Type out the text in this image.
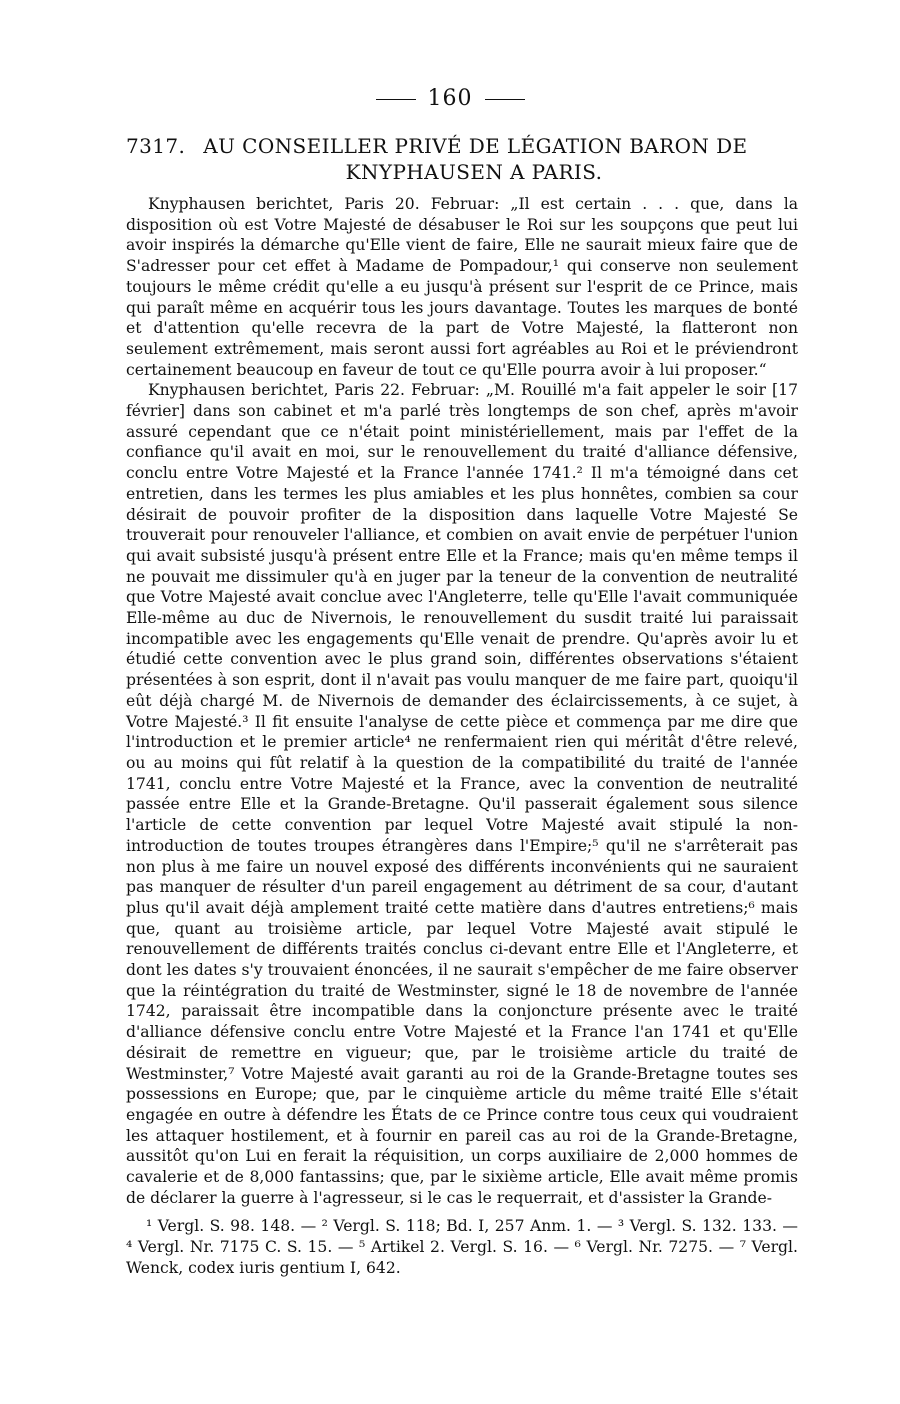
160
7317. AU CONSEILLER PRIVÉ DE LÉGATION BARON DE
KNYPHAUSEN A PARIS.

Knyphausen berichtet, Paris 20. Februar: „Il est certain . . . que, dans la disposition où est Votre Majesté de désabuser le Roi sur les soupçons que peut lui avoir inspirés la démarche qu'Elle vient de faire, Elle ne saurait mieux faire que de S'adresser pour cet effet à Madame de Pompadour,¹ qui conserve non seulement toujours le même crédit qu'elle a eu jusqu'à présent sur l'esprit de ce Prince, mais qui paraît même en acquérir tous les jours davantage. Toutes les marques de bonté et d'attention qu'elle recevra de la part de Votre Majesté, la flatteront non seulement extrêmement, mais seront aussi fort agréables au Roi et le préviendront certainement beaucoup en faveur de tout ce qu'Elle pourra avoir à lui proposer.“

Knyphausen berichtet, Paris 22. Februar: „M. Rouillé m'a fait appeler le soir [17 février] dans son cabinet et m'a parlé très longtemps de son chef, après m'avoir assuré cependant que ce n'était point ministériellement, mais par l'effet de la confiance qu'il avait en moi, sur le renouvellement du traité d'alliance défensive, conclu entre Votre Majesté et la France l'année 1741.² Il m'a témoigné dans cet entretien, dans les termes les plus amiables et les plus honnêtes, combien sa cour désirait de pouvoir profiter de la disposition dans laquelle Votre Majesté Se trouverait pour renouveler l'alliance, et combien on avait envie de perpétuer l'union qui avait subsisté jusqu'à présent entre Elle et la France; mais qu'en même temps il ne pouvait me dissimuler qu'à en juger par la teneur de la convention de neutralité que Votre Majesté avait conclue avec l'Angleterre, telle qu'Elle l'avait communiquée Elle-même au duc de Nivernois, le renouvellement du susdit traité lui paraissait incompatible avec les engagements qu'Elle venait de prendre. Qu'après avoir lu et étudié cette convention avec le plus grand soin, différentes observations s'étaient présentées à son esprit, dont il n'avait pas voulu manquer de me faire part, quoiqu'il eût déjà chargé M. de Nivernois de demander des éclaircissements, à ce sujet, à Votre Majesté.³ Il fit ensuite l'analyse de cette pièce et commença par me dire que l'introduction et le premier article⁴ ne renfermaient rien qui méritât d'être relevé, ou au moins qui fût relatif à la question de la compatibilité du traité de l'année 1741, conclu entre Votre Majesté et la France, avec la convention de neutralité passée entre Elle et la Grande-Bretagne. Qu'il passerait également sous silence l'article de cette convention par lequel Votre Majesté avait stipulé la non-introduction de toutes troupes étrangères dans l'Empire;⁵ qu'il ne s'arrêterait pas non plus à me faire un nouvel exposé des différents inconvénients qui ne sauraient pas manquer de résulter d'un pareil engagement au détriment de sa cour, d'autant plus qu'il avait déjà amplement traité cette matière dans d'autres entretiens;⁶ mais que, quant au troisième article, par lequel Votre Majesté avait stipulé le renouvellement de différents traités conclus ci-devant entre Elle et l'Angleterre, et dont les dates s'y trouvaient énoncées, il ne saurait s'empêcher de me faire observer que la réintégration du traité de Westminster, signé le 18 de novembre de l'année 1742, paraissait être incompatible dans la conjoncture présente avec le traité d'alliance défensive conclu entre Votre Majesté et la France l'an 1741 et qu'Elle désirait de remettre en vigueur; que, par le troisième article du traité de Westminster,⁷ Votre Majesté avait garanti au roi de la Grande-Bretagne toutes ses possessions en Europe; que, par le cinquième article du même traité Elle s'était engagée en outre à défendre les États de ce Prince contre tous ceux qui voudraient les attaquer hostilement, et à fournir en pareil cas au roi de la Grande-Bretagne, aussitôt qu'on Lui en ferait la réquisition, un corps auxiliaire de 2,000 hommes de cavalerie et de 8,000 fantassins; que, par le sixième article, Elle avait même promis de déclarer la guerre à l'agresseur, si le cas le requerrait, et d'assister la Grande-

¹ Vergl. S. 98. 148. — ² Vergl. S. 118; Bd. I, 257 Anm. 1. — ³ Vergl. S. 132. 133. — ⁴ Vergl. Nr. 7175 C. S. 15. — ⁵ Artikel 2. Vergl. S. 16. — ⁶ Vergl. Nr. 7275. — ⁷ Vergl. Wenck, codex iuris gentium I, 642.
